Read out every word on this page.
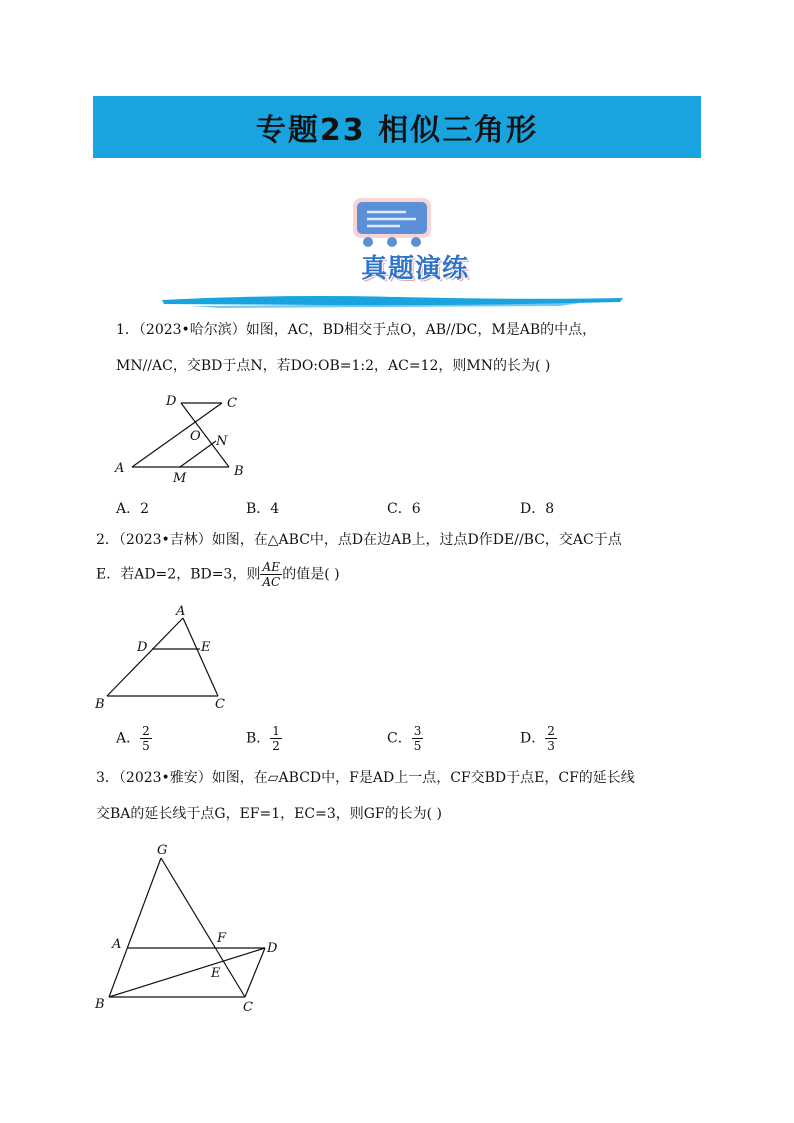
专题23 相似三角形
真题演练
1．（2023•哈尔滨）如图，AC，BD相交于点O，AB//DC，M是AB的中点，
MN//AC，交BD于点N，若DO:OB=1:2，AC=12，则MN的长为( )
D	C
O N
A
M	B
A．2	B．4	C．6	D．8
2．（2023•吉林）如图，在△ABC中，点D在边AB上，过点D作DE//BC，交AC于点
E．若AD=2，BD=3，则 $\frac{AE}{AC}$ 的值是( )
A
D	E
B	C
A． $\frac{2}{5}$	B． $\frac{1}{2}$	C． $\frac{3}{5}$	D． $\frac{2}{3}$
3．（2023•雅安）如图，在▱ABCD中，F是AD上一点，CF交BD于点E，CF的延长线
交BA的延长线于点G，EF=1，EC=3，则GF的长为( )
G
A	F
D
E
B	C
